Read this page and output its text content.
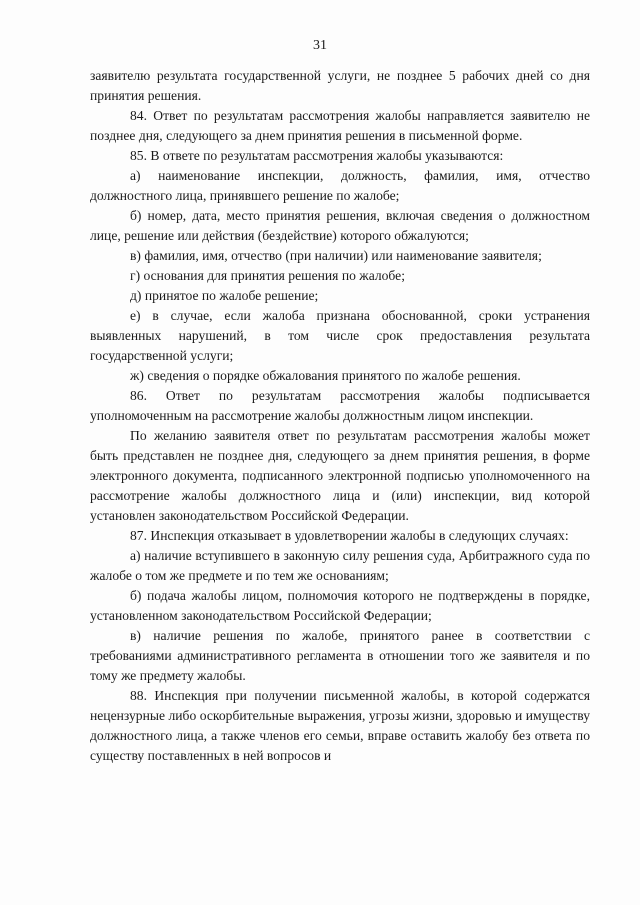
31

заявителю результата государственной услуги, не позднее 5 рабочих дней со дня принятия решения.

84. Ответ по результатам рассмотрения жалобы направляется заявителю не позднее дня, следующего за днем принятия решения в письменной форме.

85. В ответе по результатам рассмотрения жалобы указываются:

а) наименование инспекции, должность, фамилия, имя, отчество должностного лица, принявшего решение по жалобе;

б) номер, дата, место принятия решения, включая сведения о должностном лице, решение или действия (бездействие) которого обжалуются;

в) фамилия, имя, отчество (при наличии) или наименование заявителя;

г) основания для принятия решения по жалобе;

д) принятое по жалобе решение;

е) в случае, если жалоба признана обоснованной, сроки устранения выявленных нарушений, в том числе срок предоставления результата государственной услуги;

ж) сведения о порядке обжалования принятого по жалобе решения.

86. Ответ по результатам рассмотрения жалобы подписывается уполномоченным на рассмотрение жалобы должностным лицом инспекции.

По желанию заявителя ответ по результатам рассмотрения жалобы может быть представлен не позднее дня, следующего за днем принятия решения, в форме электронного документа, подписанного электронной подписью уполномоченного на рассмотрение жалобы должностного лица и (или) инспекции, вид которой установлен законодательством Российской Федерации.

87. Инспекция отказывает в удовлетворении жалобы в следующих случаях:

а) наличие вступившего в законную силу решения суда, Арбитражного суда по жалобе о том же предмете и по тем же основаниям;

б) подача жалобы лицом, полномочия которого не подтверждены в порядке, установленном законодательством Российской Федерации;

в) наличие решения по жалобе, принятого ранее в соответствии с требованиями административного регламента в отношении того же заявителя и по тому же предмету жалобы.

88. Инспекция при получении письменной жалобы, в которой содержатся нецензурные либо оскорбительные выражения, угрозы жизни, здоровью и имуществу должностного лица, а также членов его семьи, вправе оставить жалобу без ответа по существу поставленных в ней вопросов и
